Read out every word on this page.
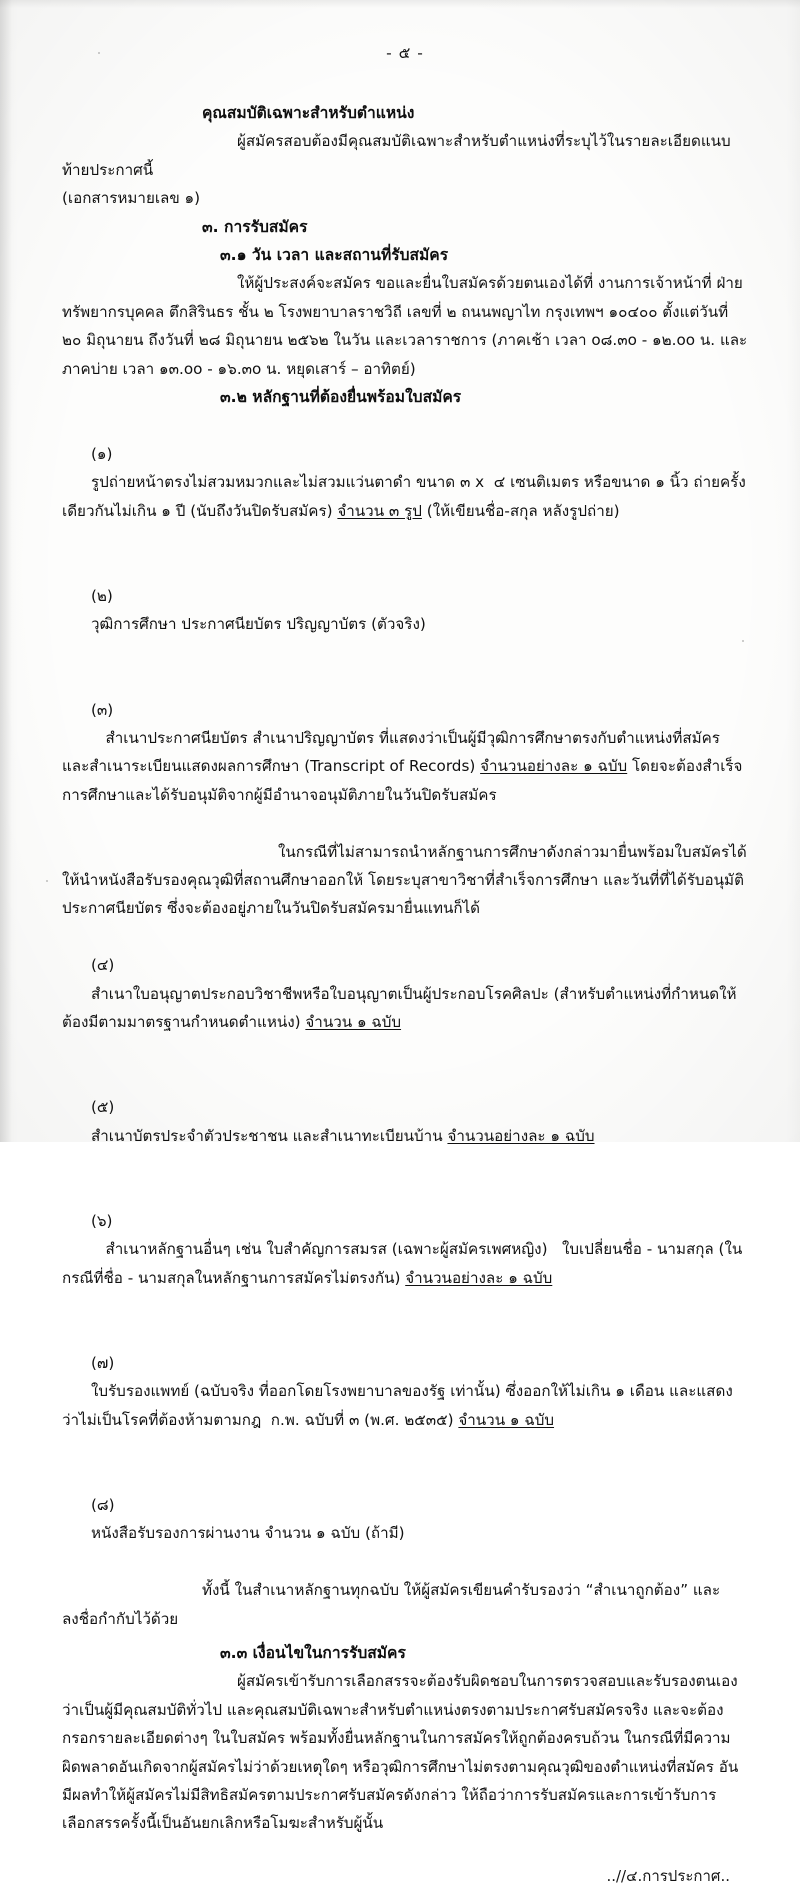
- ๕ -
คุณสมบัติเฉพาะสำหรับตำแหน่ง
ผู้สมัครสอบต้องมีคุณสมบัติเฉพาะสำหรับตำแหน่งที่ระบุไว้ในรายละเอียดแนบท้ายประกาศนี้
(เอกสารหมายเลข ๑)
๓. การรับสมัคร
๓.๑ วัน เวลา และสถานที่รับสมัคร
ให้ผู้ประสงค์จะสมัคร ขอและยื่นใบสมัครด้วยตนเองได้ที่ งานการเจ้าหน้าที่ ฝ่ายทรัพยากรบุคคล ตึกสิรินธร ชั้น ๒ โรงพยาบาลราชวิถี เลขที่ ๒ ถนนพญาไท กรุงเทพฯ ๑๐๔๐๐ ตั้งแต่วันที่ ๒๐ มิถุนายน ถึงวันที่ ๒๘ มิถุนายน ๒๕๖๒ ในวัน และเวลาราชการ (ภาคเช้า เวลา o๘.๓o - ๑๒.oo น. และภาคบ่าย เวลา ๑๓.oo - ๑๖.๓o น. หยุดเสาร์ – อาทิตย์)
๓.๒ หลักฐานที่ต้องยื่นพร้อมใบสมัคร

(๑)
รูปถ่ายหน้าตรงไม่สวมหมวกและไม่สวมแว่นตาดำ ขนาด ๓ x  ๔ เซนติเมตร หรือขนาด ๑ นิ้ว ถ่ายครั้งเดียวกันไม่เกิน ๑ ปี (นับถึงวันปิดรับสมัคร) จำนวน ๓ รูป (ให้เขียนชื่อ-สกุล หลังรูปถ่าย)

(๒)
วุฒิการศึกษา ประกาศนียบัตร ปริญญาบัตร (ตัวจริง)

(๓)
สำเนาประกาศนียบัตร สำเนาปริญญาบัตร ที่แสดงว่าเป็นผู้มีวุฒิการศึกษาตรงกับตำแหน่งที่สมัคร และสำเนาระเบียนแสดงผลการศึกษา (Transcript of Records) จำนวนอย่างละ ๑ ฉบับ โดยจะต้องสำเร็จการศึกษาและได้รับอนุมัติจากผู้มีอำนาจอนุมัติภายในวันปิดรับสมัคร

ในกรณีที่ไม่สามารถนำหลักฐานการศึกษาดังกล่าวมายื่นพร้อมใบสมัครได้ ให้นำหนังสือรับรองคุณวุฒิที่สถานศึกษาออกให้ โดยระบุสาขาวิชาที่สำเร็จการศึกษา และวันที่ที่ได้รับอนุมัติประกาศนียบัตร ซึ่งจะต้องอยู่ภายในวันปิดรับสมัครมายื่นแทนก็ได้

(๔)
สำเนาใบอนุญาตประกอบวิชาชีพหรือใบอนุญาตเป็นผู้ประกอบโรคศิลปะ (สำหรับตำแหน่งที่กำหนดให้ต้องมีตามมาตรฐานกำหนดตำแหน่ง) จำนวน ๑ ฉบับ

(๕)
สำเนาบัตรประจำตัวประชาชน และสำเนาทะเบียนบ้าน จำนวนอย่างละ ๑ ฉบับ

(๖)
สำเนาหลักฐานอื่นๆ เช่น ใบสำคัญการสมรส (เฉพาะผู้สมัครเพศหญิง)   ใบเปลี่ยนชื่อ - นามสกุล (ในกรณีที่ชื่อ - นามสกุลในหลักฐานการสมัครไม่ตรงกัน) จำนวนอย่างละ ๑ ฉบับ

(๗)
ใบรับรองแพทย์ (ฉบับจริง ที่ออกโดยโรงพยาบาลของรัฐ เท่านั้น) ซึ่งออกให้ไม่เกิน ๑ เดือน และแสดงว่าไม่เป็นโรคที่ต้องห้ามตามกฎ  ก.พ. ฉบับที่ ๓ (พ.ศ. ๒๕๓๕) จำนวน ๑ ฉบับ

(๘)
หนังสือรับรองการผ่านงาน จำนวน ๑ ฉบับ (ถ้ามี)

ทั้งนี้ ในสำเนาหลักฐานทุกฉบับ ให้ผู้สมัครเขียนคำรับรองว่า “สำเนาถูกต้อง” และลงชื่อกำกับไว้ด้วย
๓.๓ เงื่อนไขในการรับสมัคร
ผู้สมัครเข้ารับการเลือกสรรจะต้องรับผิดชอบในการตรวจสอบและรับรองตนเองว่าเป็นผู้มีคุณสมบัติทั่วไป และคุณสมบัติเฉพาะสำหรับตำแหน่งตรงตามประกาศรับสมัครจริง และจะต้องกรอกรายละเอียดต่างๆ ในใบสมัคร พร้อมทั้งยื่นหลักฐานในการสมัครให้ถูกต้องครบถ้วน ในกรณีที่มีความผิดพลาดอันเกิดจากผู้สมัครไม่ว่าด้วยเหตุใดๆ หรือวุฒิการศึกษาไม่ตรงตามคุณวุฒิของตำแหน่งที่สมัคร อันมีผลทำให้ผู้สมัครไม่มีสิทธิสมัครตามประกาศรับสมัครดังกล่าว ให้ถือว่าการรับสมัครและการเข้ารับการเลือกสรรครั้งนี้เป็นอันยกเลิกหรือโมฆะสำหรับผู้นั้น
..//๔.การประกาศ..
